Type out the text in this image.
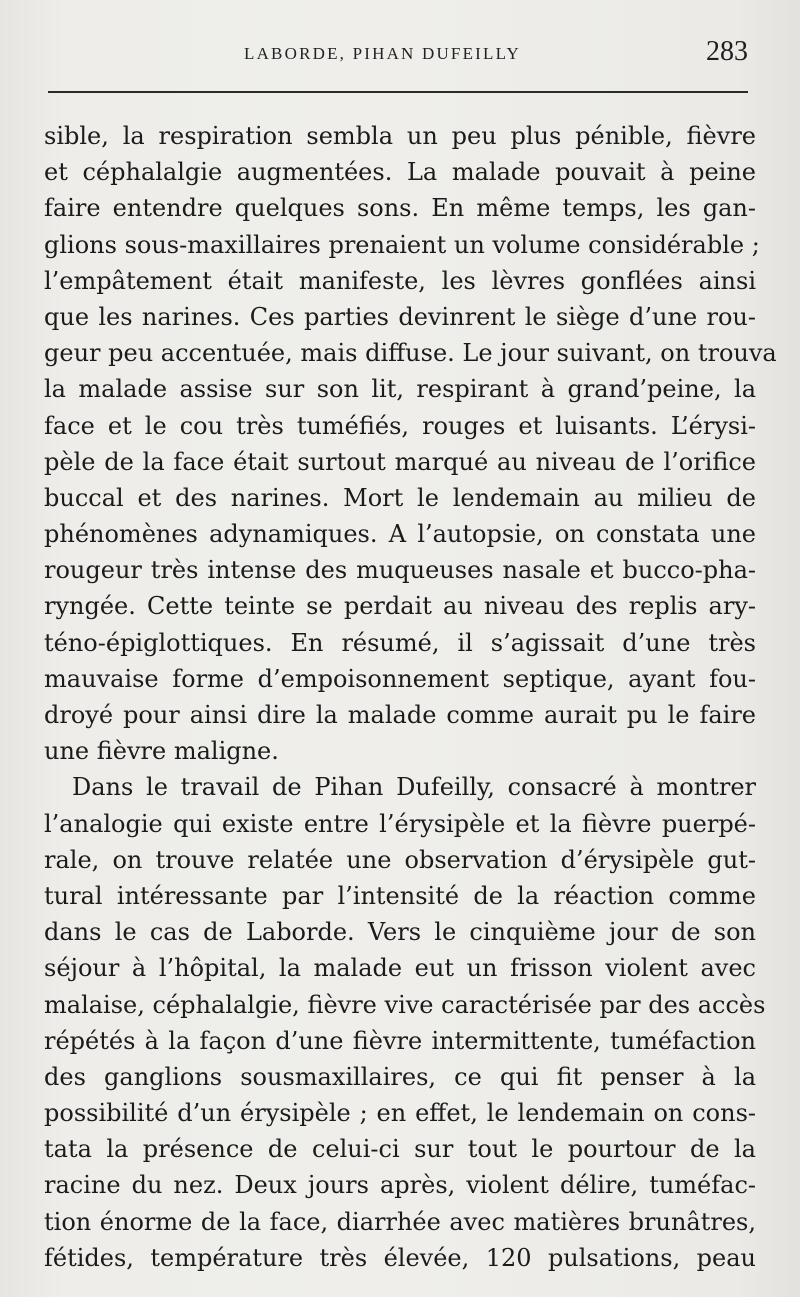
LABORDE, PIHAN DUFEILLY	283
sible, la respiration sembla un peu plus pénible, fièvre
et céphalalgie augmentées. La malade pouvait à peine
faire entendre quelques sons. En même temps, les gan-
glions sous-maxillaires prenaient un volume considérable ;
l’empâtement était manifeste, les lèvres gonflées ainsi
que les narines. Ces parties devinrent le siège d’une rou-
geur peu accentuée, mais diffuse. Le jour suivant, on trouva
la malade assise sur son lit, respirant à grand’peine, la
face et le cou très tuméfiés, rouges et luisants. L’érysi-
pèle de la face était surtout marqué au niveau de l’orifice
buccal et des narines. Mort le lendemain au milieu de
phénomènes adynamiques. A l’autopsie, on constata une
rougeur très intense des muqueuses nasale et bucco-pha-
ryngée. Cette teinte se perdait au niveau des replis ary-
téno-épiglottiques. En résumé, il s’agissait d’une très
mauvaise forme d’empoisonnement septique, ayant fou-
droyé pour ainsi dire la malade comme aurait pu le faire
une fièvre maligne.
Dans le travail de Pihan Dufeilly, consacré à montrer
l’analogie qui existe entre l’érysipèle et la fièvre puerpé-
rale, on trouve relatée une observation d’érysipèle gut-
tural intéressante par l’intensité de la réaction comme
dans le cas de Laborde. Vers le cinquième jour de son
séjour à l’hôpital, la malade eut un frisson violent avec
malaise, céphalalgie, fièvre vive caractérisée par des accès
répétés à la façon d’une fièvre intermittente, tuméfaction
des ganglions sousmaxillaires, ce qui fit penser à la
possibilité d’un érysipèle ; en effet, le lendemain on cons-
tata la présence de celui-ci sur tout le pourtour de la
racine du nez. Deux jours après, violent délire, tuméfac-
tion énorme de la face, diarrhée avec matières brunâtres,
fétides, température très élevée, 120 pulsations, peau
